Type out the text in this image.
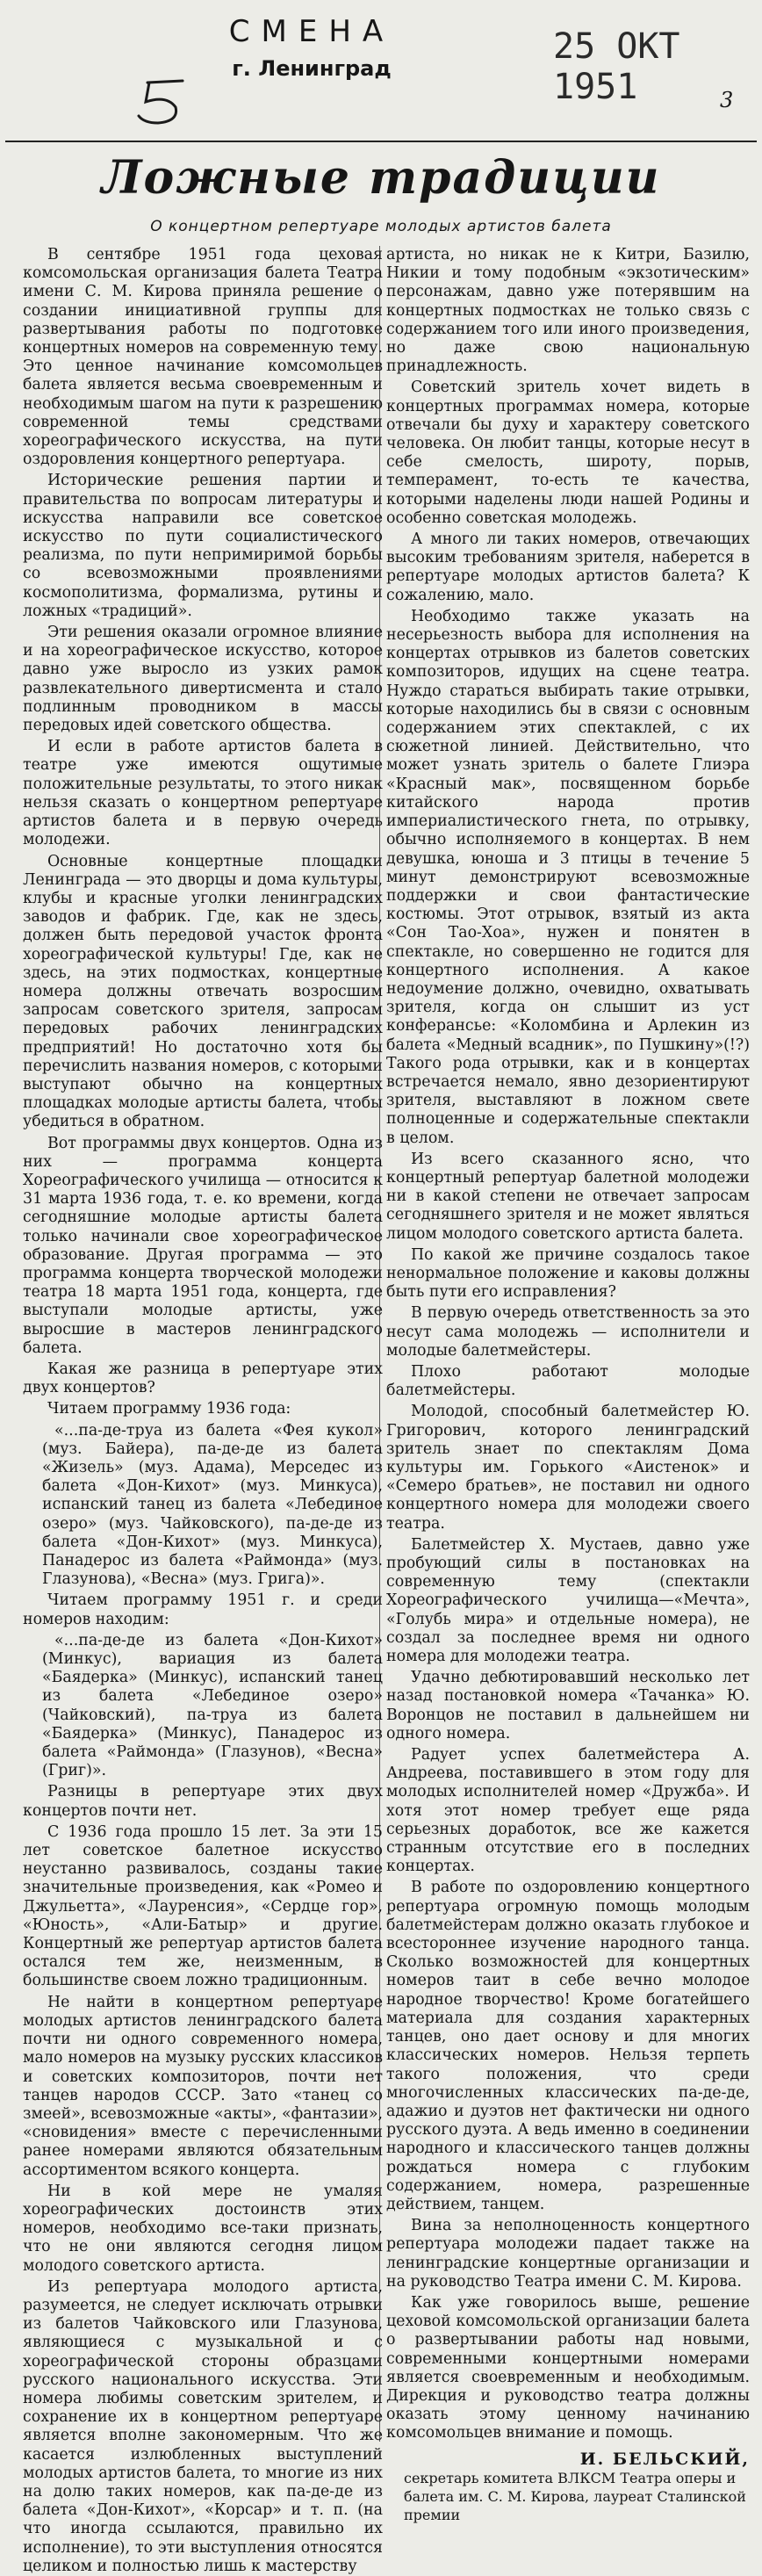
СМЕНА
г. Ленинград
25 ОКТ 1951	3
Ложные традиции
О концертном репертуаре молодых артистов балета

В сентябре 1951 года цеховая комсомольская организация балета Театра имени С. М. Кирова приняла решение о создании инициативной группы для развертывания работы по подготовке концертных номеров на современную тему. Это ценное начинание комсомольцев балета является весьма своевременным и необходимым шагом на пути к разрешению современной темы средствами хореографического искусства, на пути оздоровления концертного репертуара.

Исторические решения партии и правительства по вопросам литературы и искусства направили все советское искусство по пути социалистического реализма, по пути непримиримой борьбы со всевозможными проявлениями космополитизма, формализма, рутины и ложных «традиций».

Эти решения оказали огромное влияние и на хореографическое искусство, которое давно уже выросло из узких рамок развлекательного дивертисмента и стало подлинным проводником в массы передовых идей советского общества.

И если в работе артистов балета в театре уже имеются ощутимые положительные результаты, то этого никак нельзя сказать о концертном репертуаре артистов балета и в первую очередь молодежи.

Основные концертные площадки Ленинграда — это дворцы и дома культуры, клубы и красные уголки ленинградских заводов и фабрик. Где, как не здесь, должен быть передовой участок фронта хореографической культуры! Где, как не здесь, на этих подмостках, концертные номера должны отвечать возросшим запросам советского зрителя, запросам передовых рабочих ленинградских предприятий! Но достаточно хотя бы перечислить названия номеров, с которыми выступают обычно на концертных площадках молодые артисты балета, чтобы убедиться в обратном.

Вот программы двух концертов. Одна из них — программа концерта Хореографического училища — относится к 31 марта 1936 года, т. е. ко времени, когда сегодняшние молодые артисты балета только начинали свое хореографическое образование. Другая программа — это программа концерта творческой молодежи театра 18 марта 1951 года, концерта, где выступали молодые артисты, уже выросшие в мастеров ленинградского балета.

Какая же разница в репертуаре этих двух концертов?

Читаем программу 1936 года:

«...па-де-труа из балета «Фея кукол» (муз. Байера), па-де-де из балета «Жизель» (муз. Адама), Мерседес из балета «Дон-Кихот» (муз. Минкуса), испанский танец из балета «Лебединое озеро» (муз. Чайковского), па-де-де из балета «Дон-Кихот» (муз. Минкуса), Панадерос из балета «Раймонда» (муз. Глазунова), «Весна» (муз. Грига)».

Читаем программу 1951 г. и среди номеров находим:

«...па-де-де из балета «Дон-Кихот» (Минкус), вариация из балета «Баядерка» (Минкус), испанский танец из балета «Лебединое озеро» (Чайковский), па-труа из балета «Баядерка» (Минкус), Панадерос из балета «Раймонда» (Глазунов), «Весна» (Григ)».

Разницы в репертуаре этих двух концертов почти нет.

С 1936 года прошло 15 лет. За эти 15 лет советское балетное искусство неустанно развивалось, созданы такие значительные произведения, как «Ромео и Джульетта», «Лауренсия», «Сердце гор», «Юность», «Али-Батыр» и другие. Концертный же репертуар артистов балета остался тем же, неизменным, в большинстве своем ложно традиционным.

Не найти в концертном репертуаре молодых артистов ленинградского балета почти ни одного современного номера, мало номеров на музыку русских классиков и советских композиторов, почти нет танцев народов СССР. Зато «танец со змеей», всевозможные «акты», «фантазии», «сновидения» вместе с перечисленными ранее номерами являются обязательным ассортиментом всякого концерта.

Ни в кой мере не умаляя хореографических достоинств этих номеров, необходимо все-таки признать, что не они являются сегодня лицом молодого советского артиста.

Из репертуара молодого артиста, разумеется, не следует исключать отрывки из балетов Чайковского или Глазунова, являющиеся с музыкальной и с хореографической стороны образцами русского национального искусства. Эти номера любимы советским зрителем, и сохранение их в концертном репертуаре является вполне закономерным. Что же касается излюбленных выступлений молодых артистов балета, то многие из них на долю таких номеров, как па-де-де из балета «Дон-Кихот», «Корсар» и т. п. (на что иногда ссылаются, правильно их исполнение), то эти выступления относятся целиком и полностью лишь к мастерству

артиста, но никак не к Китри, Базилю, Никии и тому подобным «экзотическим» персонажам, давно уже потерявшим на концертных подмостках не только связь с содержанием того или иного произведения, но даже свою национальную принадлежность.

Советский зритель хочет видеть в концертных программах номера, которые отвечали бы духу и характеру советского человека. Он любит танцы, которые несут в себе смелость, широту, порыв, темперамент, то-есть те качества, которыми наделены люди нашей Родины и особенно советская молодежь.

А много ли таких номеров, отвечающих высоким требованиям зрителя, наберется в репертуаре молодых артистов балета? К сожалению, мало.

Необходимо также указать на несерьезность выбора для исполнения на концертах отрывков из балетов советских композиторов, идущих на сцене театра. Нуждо стараться выбирать такие отрывки, которые находились бы в связи с основным содержанием этих спектаклей, с их сюжетной линией. Действительно, что может узнать зритель о балете Глиэра «Красный мак», посвященном борьбе китайского народа против империалистического гнета, по отрывку, обычно исполняемого в концертах. В нем девушка, юноша и 3 птицы в течение 5 минут демонстрируют всевозможные поддержки и свои фантастические костюмы. Этот отрывок, взятый из акта «Сон Тао-Хоа», нужен и понятен в спектакле, но совершенно не годится для концертного исполнения. А какое недоумение должно, очевидно, охватывать зрителя, когда он слышит из уст конферансье: «Коломбина и Арлекин из балета «Медный всадник», по Пушкину»(!?) Такого рода отрывки, как и в концертах встречается немало, явно дезориентируют зрителя, выставляют в ложном свете полноценные и содержательные спектакли в целом.

Из всего сказанного ясно, что концертный репертуар балетной молодежи ни в какой степени не отвечает запросам сегодняшнего зрителя и не может являться лицом молодого советского артиста балета.

По какой же причине создалось такое ненормальное положение и каковы должны быть пути его исправления?

В первую очередь ответственность за это несут сама молодежь — исполнители и молодые балетмейстеры.

Плохо работают молодые балетмейстеры.

Молодой, способный балетмейстер Ю. Григорович, которого ленинградский зритель знает по спектаклям Дома культуры им. Горького «Аистенок» и «Семеро братьев», не поставил ни одного концертного номера для молодежи своего театра.

Балетмейстер Х. Мустаев, давно уже пробующий силы в постановках на современную тему (спектакли Хореографического училища—«Мечта», «Голубь мира» и отдельные номера), не создал за последнее время ни одного номера для молодежи театра.

Удачно дебютировавший несколько лет назад постановкой номера «Тачанка» Ю. Воронцов не поставил в дальнейшем ни одного номера.

Радует успех балетмейстера А. Андреева, поставившего в этом году для молодых исполнителей номер «Дружба». И хотя этот номер требует еще ряда серьезных доработок, все же кажется странным отсутствие его в последних концертах.

В работе по оздоровлению концертного репертуара огромную помощь молодым балетмейстерам должно оказать глубокое и всестороннее изучение народного танца. Сколько возможностей для концертных номеров таит в себе вечно молодое народное творчество! Кроме богатейшего материала для создания характерных танцев, оно дает основу и для многих классических номеров. Нельзя терпеть такого положения, что среди многочисленных классических па-де-де, адажио и дуэтов нет фактически ни одного русского дуэта. А ведь именно в соединении народного и классического танцев должны рождаться номера с глубоким содержанием, номера, разрешенные действием, танцем.

Вина за неполноценность концертного репертуара молодежи падает также на ленинградские концертные организации и на руководство Театра имени С. М. Кирова.

Как уже говорилось выше, решение цеховой комсомольской организации балета о развертывании работы над новыми, современными концертными номерами является своевременным и необходимым. Дирекция и руководство театра должны оказать этому ценному начинанию комсомольцев внимание и помощь.

И. БЕЛЬСКИЙ,

секретарь комитета ВЛКСМ Театра оперы и балета им. С. М. Кирова, лауреат Сталинской премии
